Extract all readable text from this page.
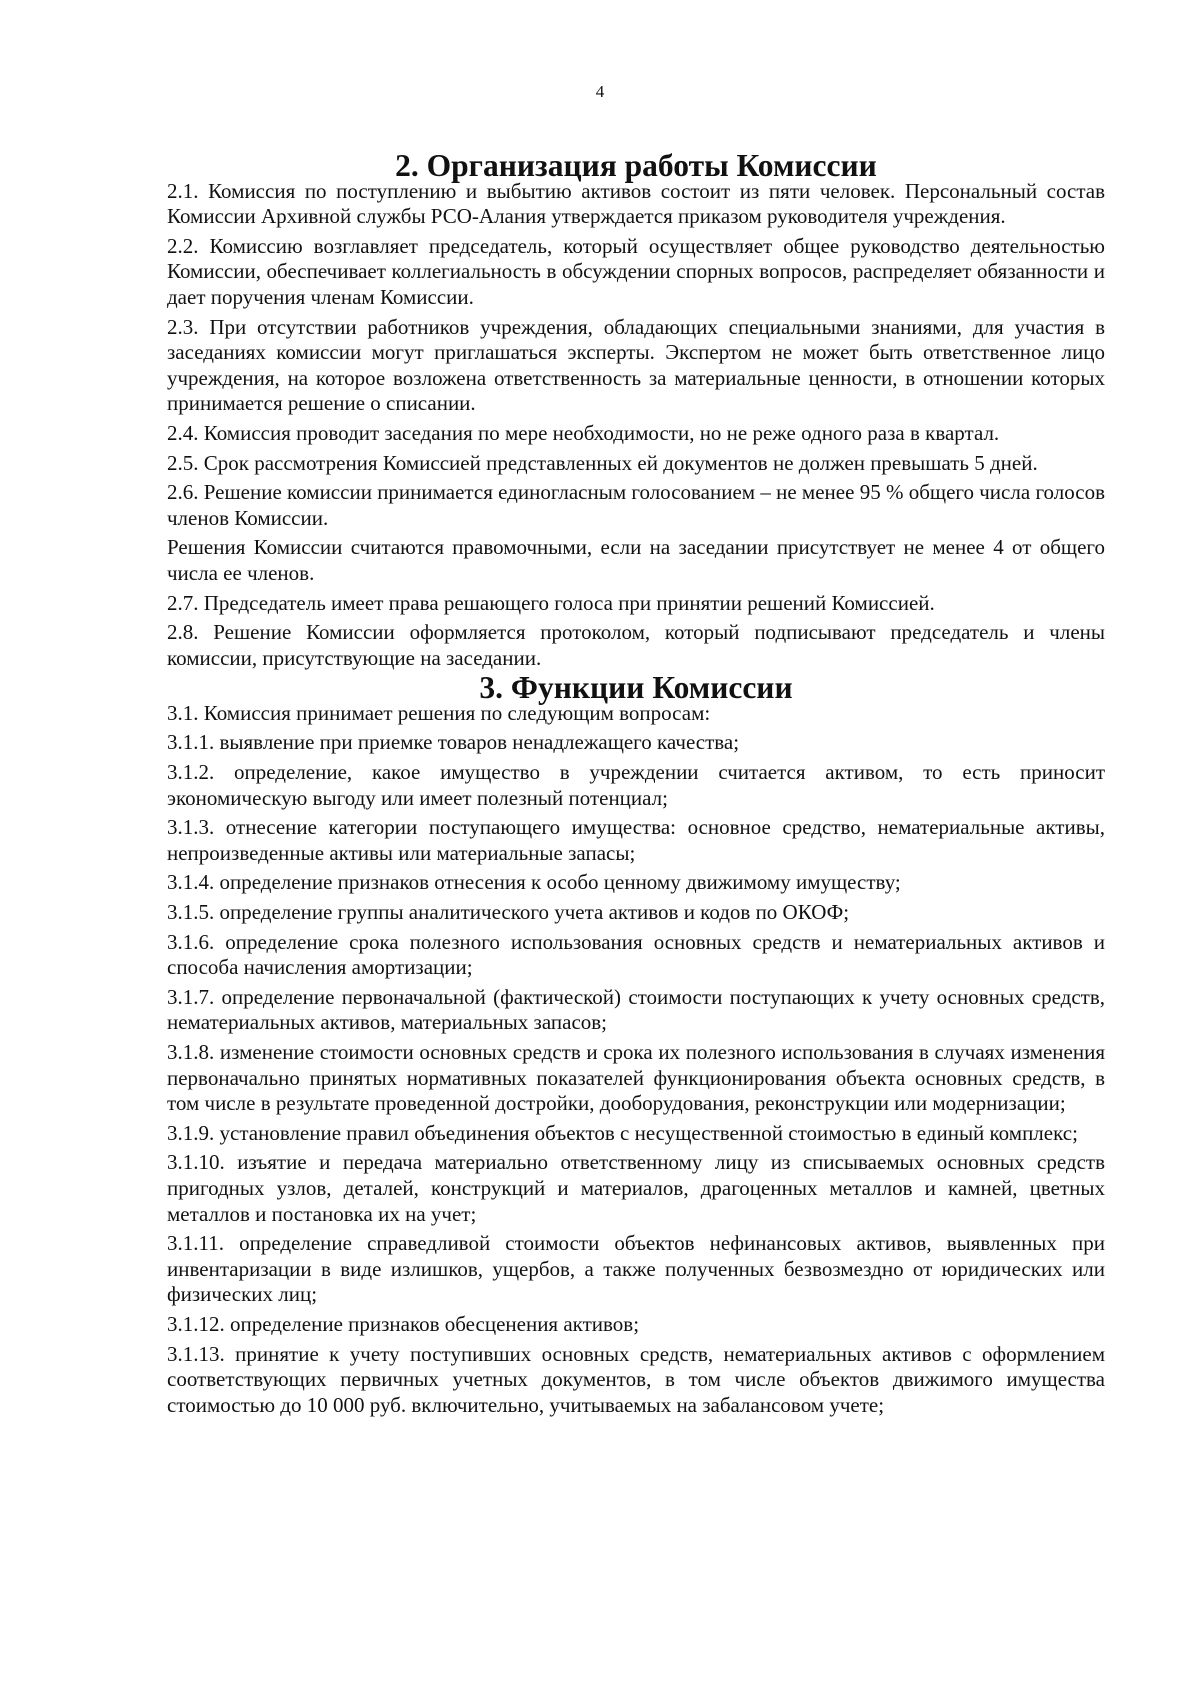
4
2. Организация работы Комиссии

2.1. Комиссия по поступлению и выбытию активов состоит из пяти человек. Персональный состав Комиссии Архивной службы РСО-Алания утверждается приказом руководителя учреждения.

2.2. Комиссию возглавляет председатель, который осуществляет общее руководство деятельностью Комиссии, обеспечивает коллегиальность в обсуждении спорных вопросов, распределяет обязанности и дает поручения членам Комиссии.

2.3. При отсутствии работников учреждения, обладающих специальными знаниями, для участия в заседаниях комиссии могут приглашаться эксперты. Экспертом не может быть ответственное лицо учреждения, на которое возложена ответственность за материальные ценности, в отношении которых принимается решение о списании.

2.4. Комиссия проводит заседания по мере необходимости, но не реже одного раза в квартал.

2.5. Срок рассмотрения Комиссией представленных ей документов не должен превышать 5 дней.

2.6. Решение комиссии принимается единогласным голосованием – не менее 95 % общего числа голосов членов Комиссии.

Решения Комиссии считаются правомочными, если на заседании присутствует не менее 4 от общего числа ее членов.

2.7. Председатель имеет права решающего голоса при принятии решений Комиссией.

2.8. Решение Комиссии оформляется протоколом, который подписывают председатель и члены комиссии, присутствующие на заседании.

3. Функции Комиссии

3.1. Комиссия принимает решения по следующим вопросам:

3.1.1. выявление при приемке товаров ненадлежащего качества;

3.1.2. определение, какое имущество в учреждении считается активом, то есть приносит экономическую выгоду или имеет полезный потенциал;

3.1.3. отнесение категории поступающего имущества: основное средство, нематериальные активы, непроизведенные активы или материальные запасы;

3.1.4. определение признаков отнесения к особо ценному движимому имуществу;

3.1.5. определение группы аналитического учета активов и кодов по ОКОФ;

3.1.6. определение срока полезного использования основных средств и нематериальных активов и способа начисления амортизации;

3.1.7. определение первоначальной (фактической) стоимости поступающих к учету основных средств, нематериальных активов, материальных запасов;

3.1.8. изменение стоимости основных средств и срока их полезного использования в случаях изменения первоначально принятых нормативных показателей функционирования объекта основных средств, в том числе в результате проведенной достройки, дооборудования, реконструкции или модернизации;

3.1.9. установление правил объединения объектов с несущественной стоимостью в единый комплекс;

3.1.10. изъятие и передача материально ответственному лицу из списываемых основных средств пригодных узлов, деталей, конструкций и материалов, драгоценных металлов и камней, цветных металлов и постановка их на учет;

3.1.11. определение справедливой стоимости объектов нефинансовых активов, выявленных при инвентаризации в виде излишков, ущербов, а также полученных безвозмездно от юридических или физических лиц;

3.1.12. определение признаков обесценения активов;

3.1.13. принятие к учету поступивших основных средств, нематериальных активов с оформлением соответствующих первичных учетных документов, в том числе объектов движимого имущества стоимостью до 10 000 руб. включительно, учитываемых на забалансовом учете;
